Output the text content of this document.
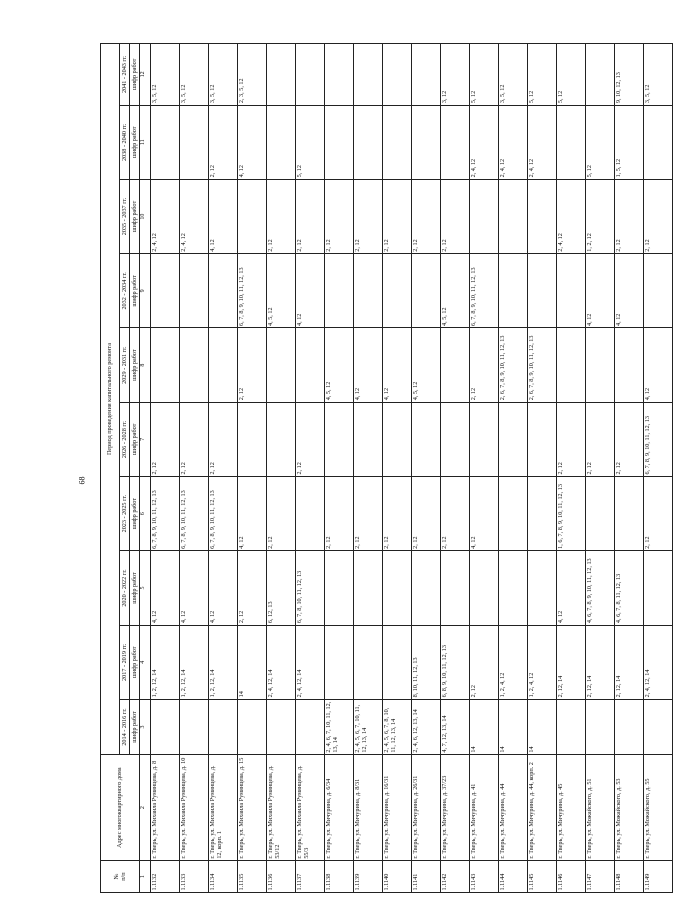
68
№
п/п	Адрес многоквартирного дома	Период проведения капитального ремонта									
		2014 - 2016 гг.	2017 - 2019 гг.	2020 - 2022 гг.	2023 - 2025 гг.	2026 - 2028 гг.	2029 - 2031 гг.	2032 - 2034 гг.	2035 - 2037 гг.	2038 - 2040 гг.	2041 - 2043 гг.
		шифр работ	шифр работ	шифр работ	шифр работ	шифр работ	шифр работ	шифр работ	шифр работ	шифр работ	шифр работ
1	2	3	4	5	6	7	8	9	10	11	12
1.1132	г. Тверь, ул. Михаила Румянцева, д. 8		1, 2, 12, 14	4, 12	6, 7, 8, 9, 10, 11, 12, 13	2, 12			2, 4, 12		3, 5, 12
1.1133	г. Тверь, ул. Михаила Румянцева, д. 10		1, 2, 12, 14	4, 12	6, 7, 8, 9, 10, 11, 12, 13	2, 12			2, 4, 12		3, 5, 12
1.1134	г. Тверь, ул. Михаила Румянцева, д. 12, корп. 1		1, 2, 12, 14	4, 12	6, 7, 8, 9, 10, 11, 12, 13	2, 12			4, 12	2, 12	3, 5, 12
1.1135	г. Тверь, ул. Михаила Румянцева, д. 15		14	2, 12	4, 12		2, 12	6, 7, 8, 9, 10, 11, 12, 13		4, 12	2, 3, 5, 12
1.1136	г. Тверь, ул. Михаила Румянцева, д. 53/12		2, 4, 12, 14	6, 12, 13	2, 12			4, 5, 12	2, 12		
1.1137	г. Тверь, ул. Михаила Румянцева, д. 55/3		2, 4, 12, 14	6, 7, 8, 10, 11, 12, 13		2, 12		4, 12	2, 12	5, 12	
1.1138	г. Тверь, ул. Мичурина, д. 6/34	2, 4, 6, 7, 10, 11, 12, 13, 14			2, 12		4, 5, 12		2, 12		
1.1139	г. Тверь, ул. Мичурина, д. 8/31	2, 4, 5, 6, 7, 10, 11, 12, 13, 14			2, 12		4, 12		2, 12		
1.1140	г. Тверь, ул. Мичурина, д. 16/31	2, 4, 5, 6, 7, 8, 10, 11, 12, 13, 14			2, 12		4, 12		2, 12		
1.1141	г. Тверь, ул. Мичурина, д. 26/31	2, 4, 6, 12, 13, 14	8, 10, 11, 12, 13		2, 12		4, 5, 12		2, 12		
1.1142	г. Тверь, ул. Мичурина, д. 37/23	4, 7, 12, 13, 14	6, 8, 9, 10, 11, 12, 13		2, 12			4, 5, 12	2, 12		3, 12
1.1143	г. Тверь, ул. Мичурина, д. 41	14	2, 12		4, 12		2, 12	6, 7, 8, 9, 10, 11, 12, 13		2, 4, 12	5, 12
1.1144	г. Тверь, ул. Мичурина, д. 44	14	1, 2, 4, 12				2, 6, 7, 8, 9, 10, 11, 12, 13			2, 4, 12	3, 5, 12
1.1145	г. Тверь, ул. Мичурина, д. 44, корп. 2	14	1, 2, 4, 12				2, 6, 7, 8, 9, 10, 11, 12, 13			2, 4, 12	5, 12
1.1146	г. Тверь, ул. Мичурина, д. 45		2, 12, 14	4, 12	1, 6, 7, 8, 9, 10, 11, 12, 13	2, 12			2, 4, 12		5, 12
1.1147	г. Тверь, ул. Можайского, д. 51		2, 12, 14	4, 6, 7, 8, 9, 10, 11, 12, 13		2, 12		4, 12	1, 2, 12	5, 12	
1.1148	г. Тверь, ул. Можайского, д. 53		2, 12, 14	4, 6, 7, 8, 11, 12, 13		2, 12		4, 12	2, 12	1, 5, 12	9, 10, 12, 13
1.1149	г. Тверь, ул. Можайского, д. 55		2, 4, 12, 14		2, 12	6, 7, 8, 9, 10, 11, 12, 13	4, 12		2, 12		3, 5, 12
